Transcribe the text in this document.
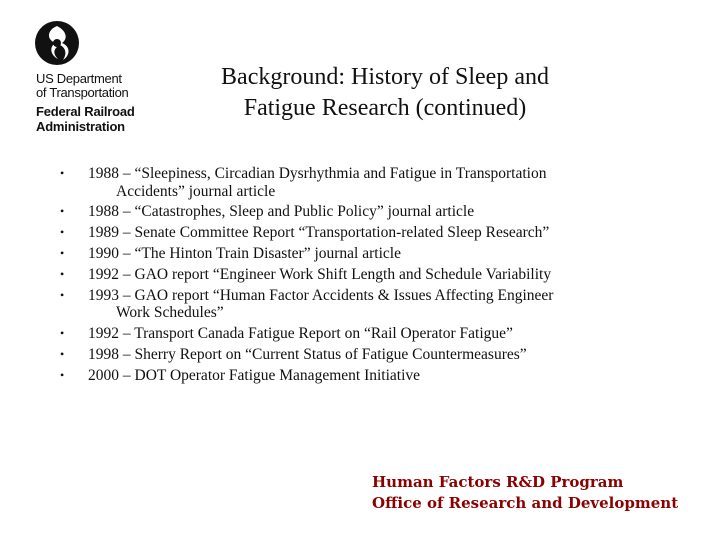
US Department
of Transportation
Federal Railroad
Administration
Background: History of Sleep and
Fatigue Research (continued)
• 1988 – “Sleepiness, Circadian Dysrhythmia and Fatigue in Transportation
Accidents” journal article
• 1988 – “Catastrophes, Sleep and Public Policy” journal article
• 1989 – Senate Committee Report “Transportation-related Sleep Research”
• 1990 – “The Hinton Train Disaster” journal article
• 1992 – GAO report “Engineer Work Shift Length and Schedule Variability
• 1993 – GAO report “Human Factor Accidents & Issues Affecting Engineer
Work Schedules”
• 1992 – Transport Canada Fatigue Report on “Rail Operator Fatigue”
• 1998 – Sherry Report on “Current Status of Fatigue Countermeasures”
• 2000 – DOT Operator Fatigue Management Initiative
Human Factors R&D Program
Office of Research and Development
